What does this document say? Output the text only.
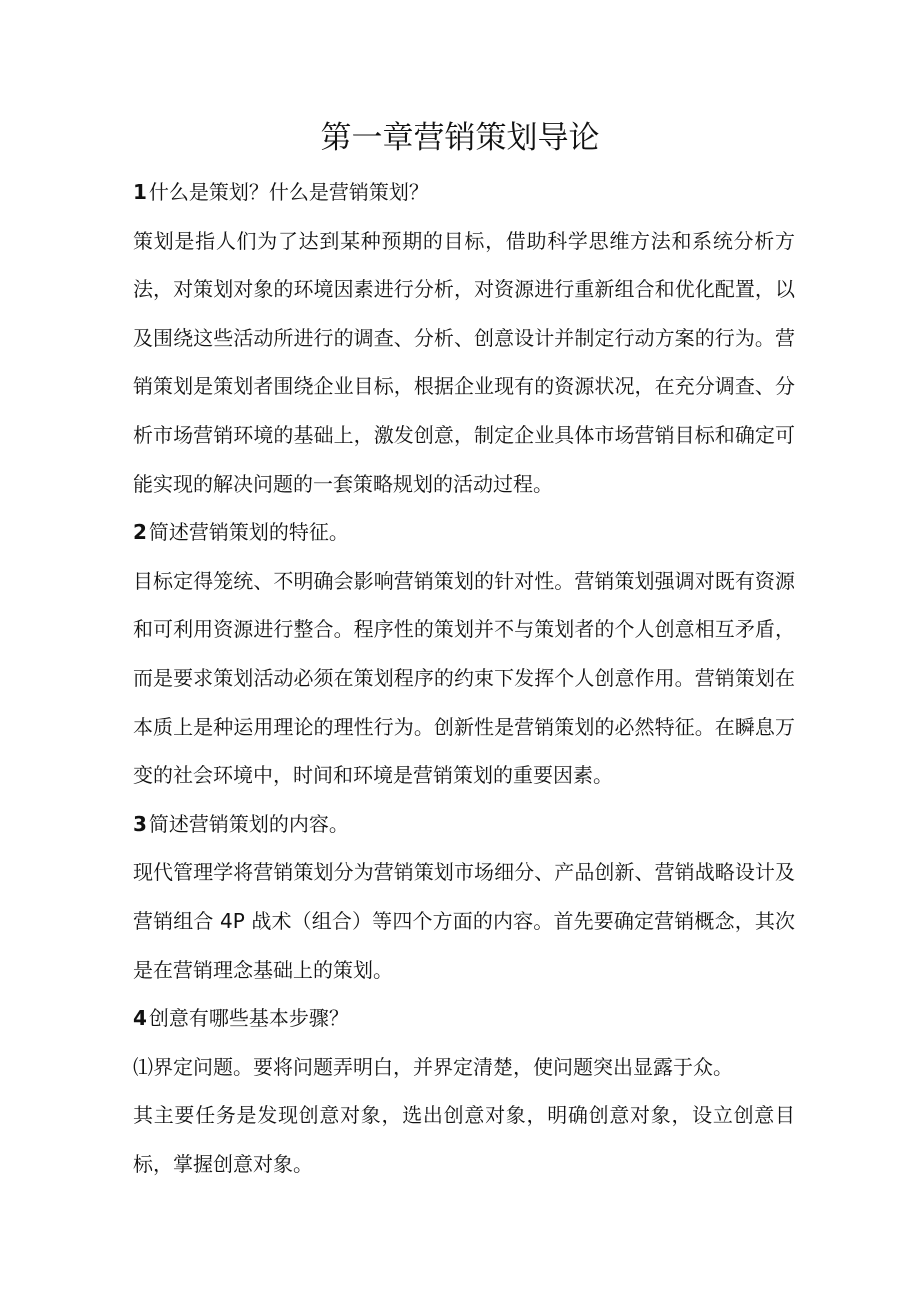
第一章营销策划导论

1 什么是策划？什么是营销策划？

策划是指人们为了达到某种预期的目标，借助科学思维方法和系统分析方法，对策划对象的环境因素进行分析，对资源进行重新组合和优化配置，以及围绕这些活动所进行的调查、分析、创意设计并制定行动方案的行为。营销策划是策划者围绕企业目标，根据企业现有的资源状况，在充分调查、分析市场营销环境的基础上，激发创意，制定企业具体市场营销目标和确定可能实现的解决问题的一套策略规划的活动过程。

2 简述营销策划的特征。

目标定得笼统、不明确会影响营销策划的针对性。营销策划强调对既有资源和可利用资源进行整合。程序性的策划并不与策划者的个人创意相互矛盾，而是要求策划活动必须在策划程序的约束下发挥个人创意作用。营销策划在本质上是种运用理论的理性行为。创新性是营销策划的必然特征。在瞬息万变的社会环境中，时间和环境是营销策划的重要因素。

3 简述营销策划的内容。

现代管理学将营销策划分为营销策划市场细分、产品创新、营销战略设计及营销组合 4P 战术（组合）等四个方面的内容。首先要确定营销概念，其次是在营销理念基础上的策划。

4 创意有哪些基本步骤？

⑴界定问题。要将问题弄明白，并界定清楚，使问题突出显露于众。

其主要任务是发现创意对象，选出创意对象，明确创意对象，设立创意目标，掌握创意对象。
